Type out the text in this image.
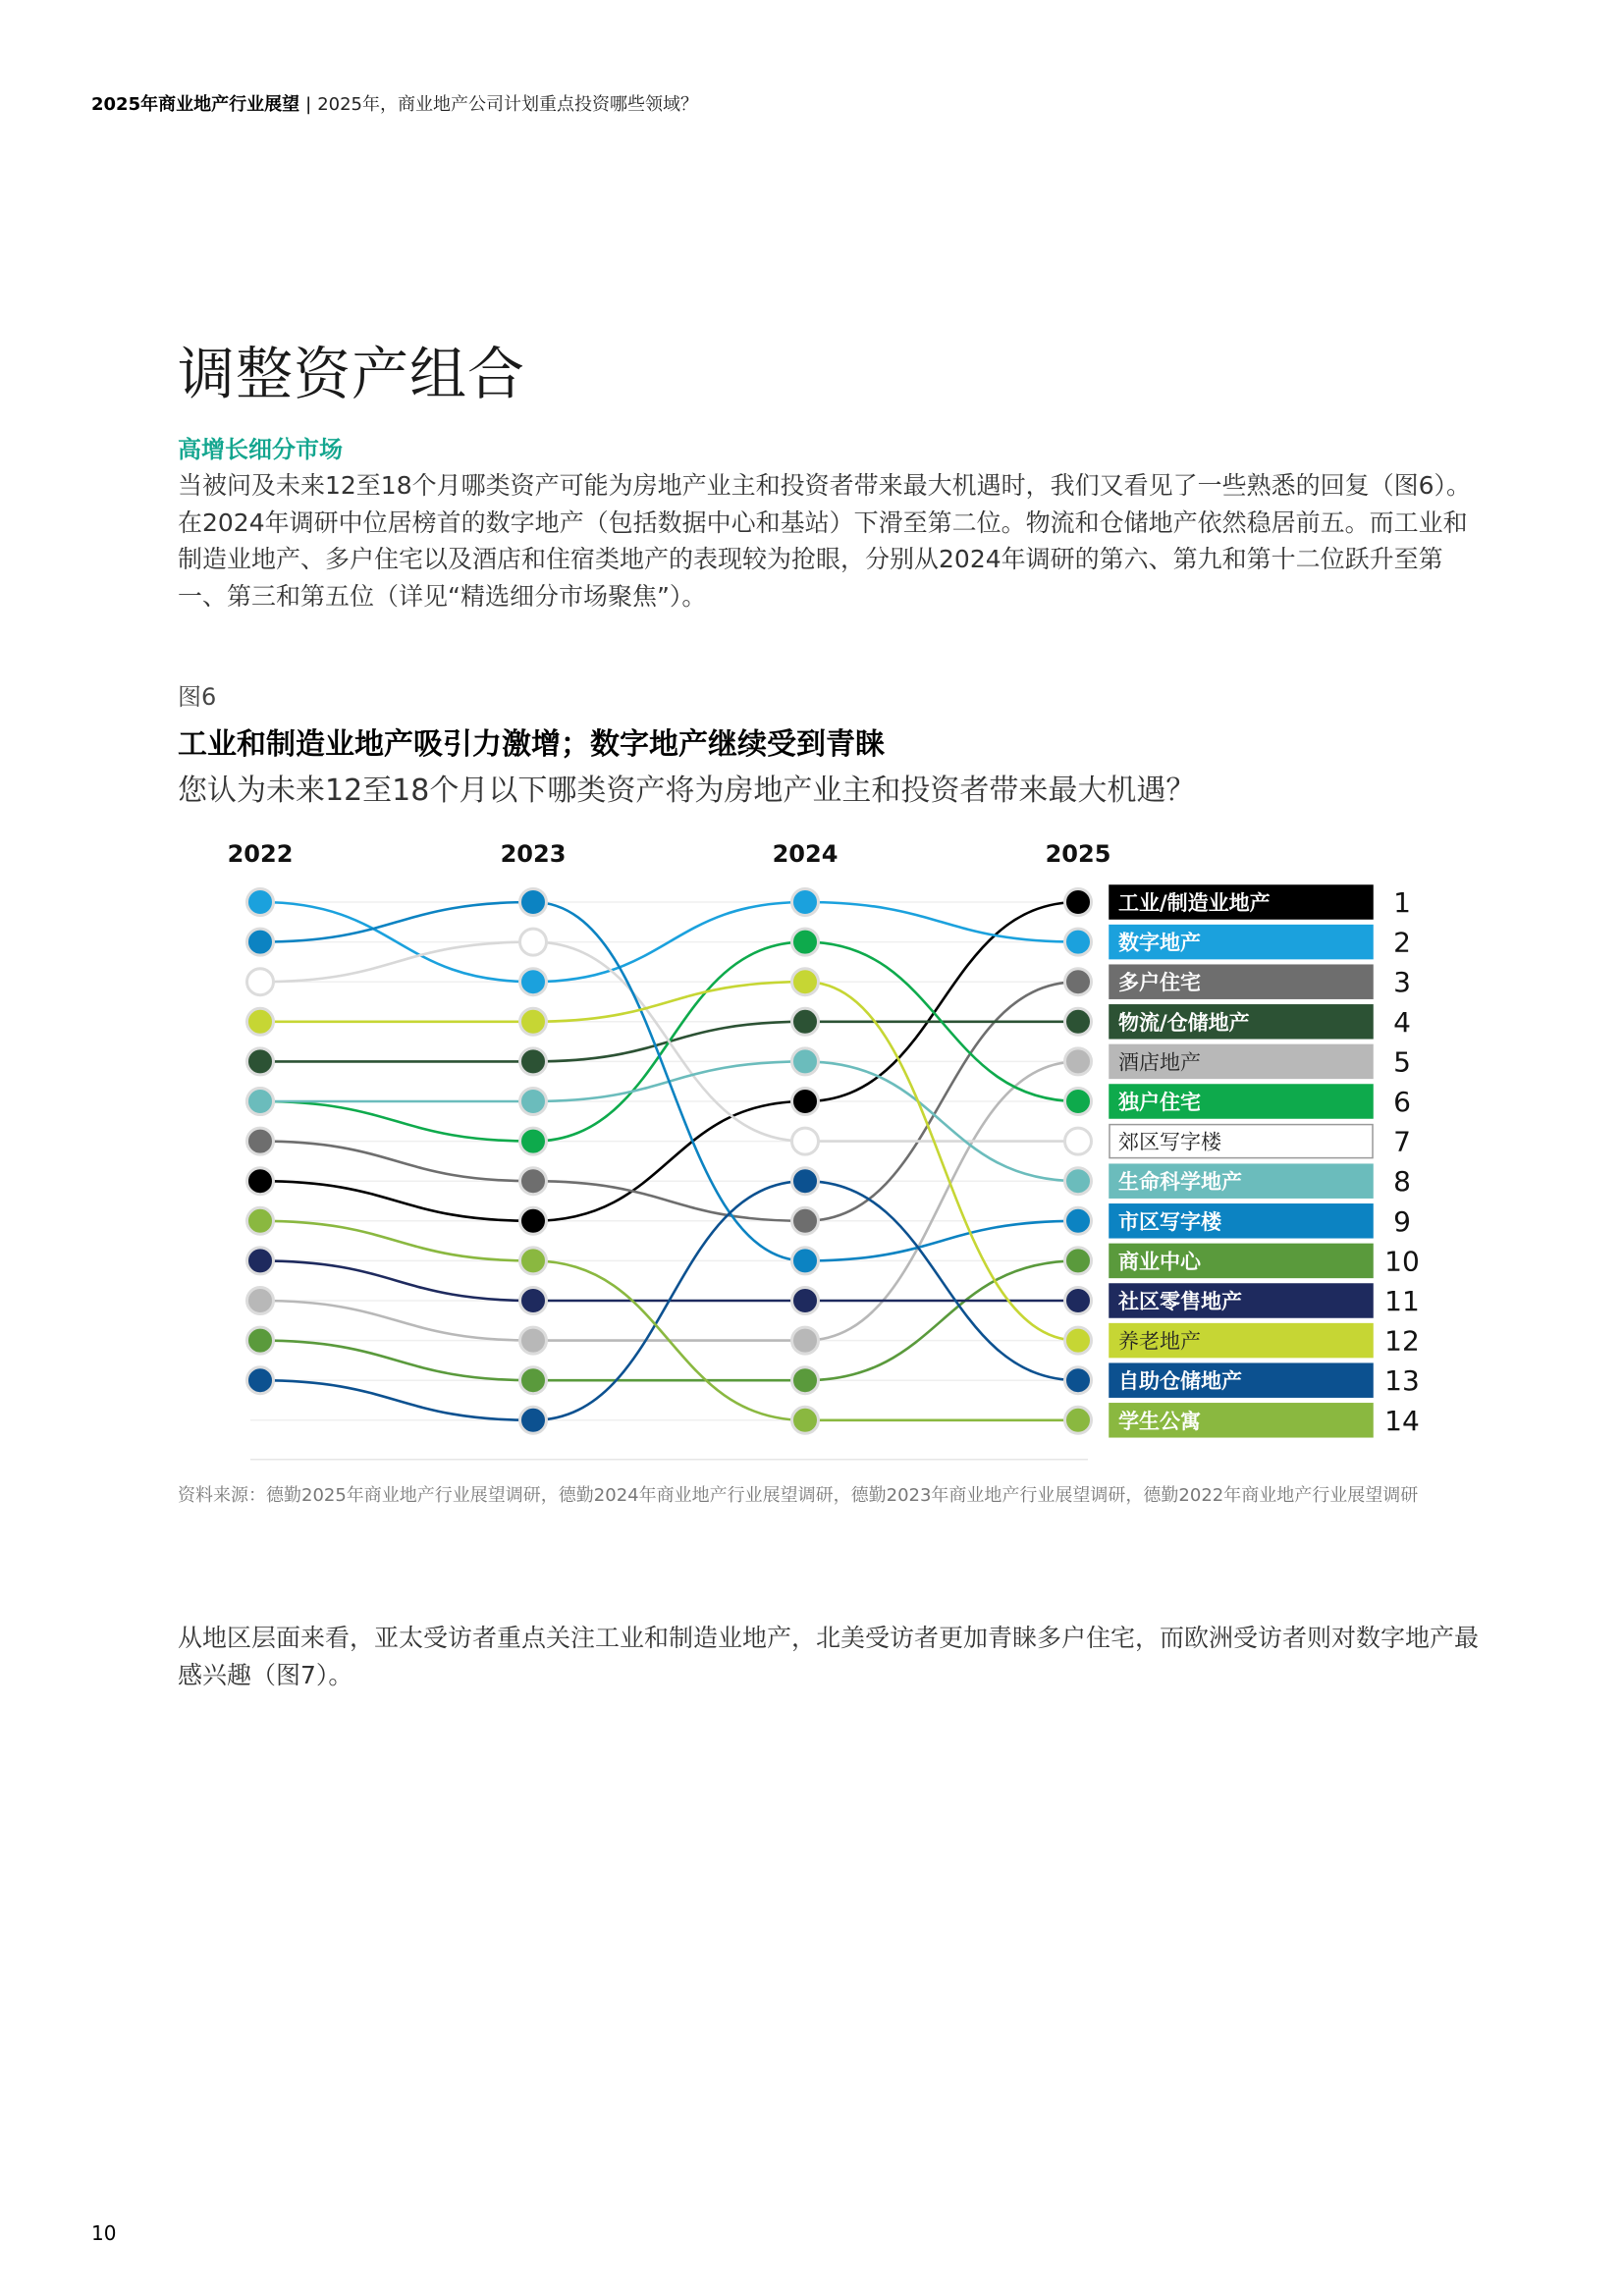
2025年商业地产行业展望 | 2025年，商业地产公司计划重点投资哪些领域？
调整资产组合
高增长细分市场
当被问及未来12至18个月哪类资产可能为房地产业主和投资者带来最大机遇时，我们又看见了一些熟悉的回复（图6）。在2024年调研中位居榜首的数字地产（包括数据中心和基站）下滑至第二位。物流和仓储地产依然稳居前五。而工业和制造业地产、多户住宅以及酒店和住宿类地产的表现较为抢眼，分别从2024年调研的第六、第九和第十二位跃升至第一、第三和第五位（详见“精选细分市场聚焦”）。
图6
工业和制造业地产吸引力激增；数字地产继续受到青睐
您认为未来12至18个月以下哪类资产将为房地产业主和投资者带来最大机遇？
2022	2023	2024	2025
工业/制造业地产	1
数字地产	2
多户住宅	3
物流/仓储地产	4
酒店地产	5
独户住宅	6
郊区写字楼	7
生命科学地产	8
市区写字楼	9
商业中心	10
社区零售地产	11
养老地产	12
自助仓储地产	13
学生公寓	14
资料来源：德勤2025年商业地产行业展望调研，德勤2024年商业地产行业展望调研，德勤2023年商业地产行业展望调研，德勤2022年商业地产行业展望调研
从地区层面来看，亚太受访者重点关注工业和制造业地产，北美受访者更加青睐多户住宅，而欧洲受访者则对数字地产最感兴趣（图7）。
10
